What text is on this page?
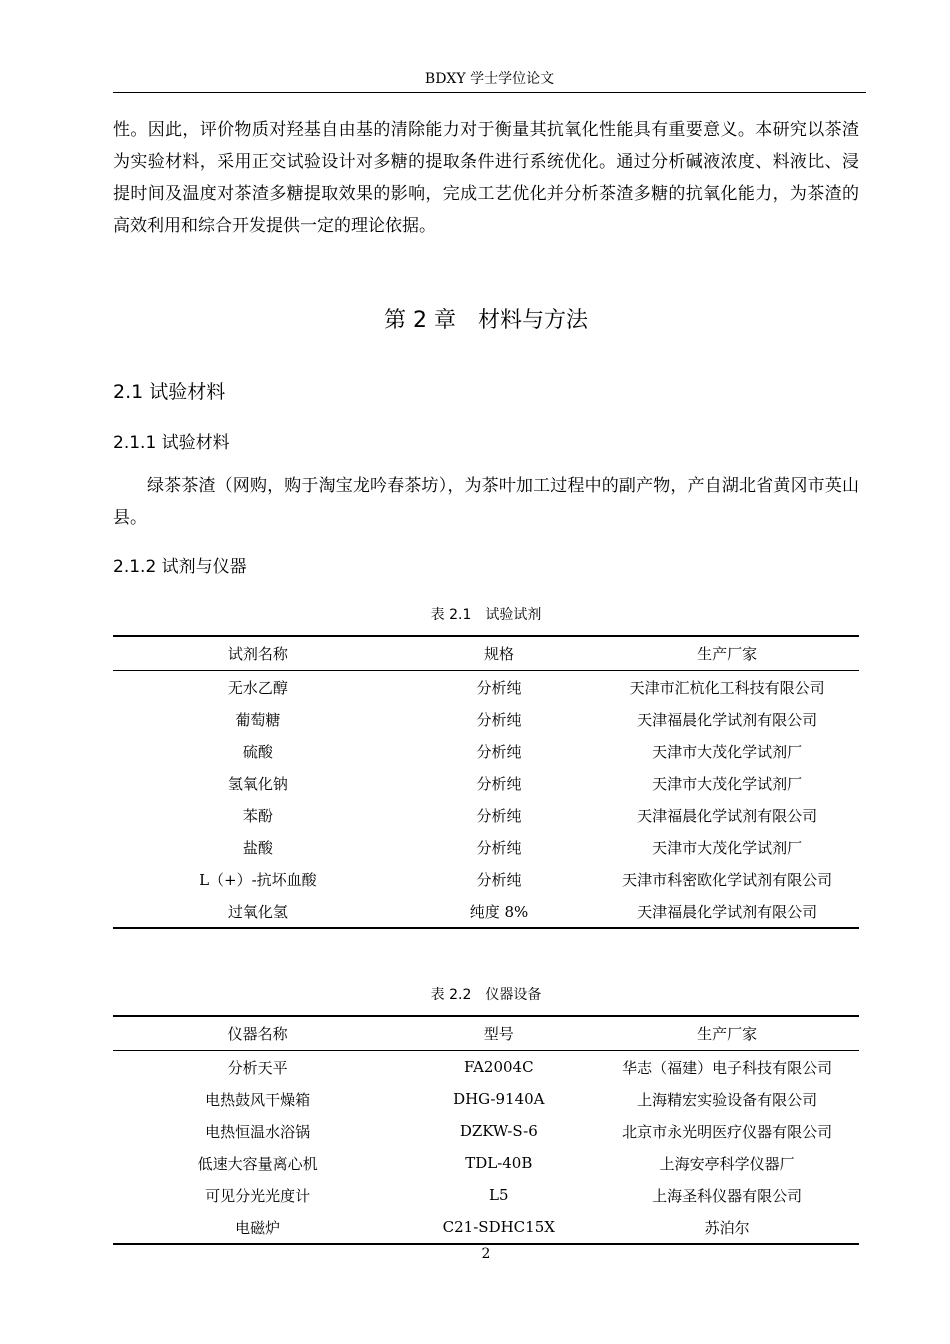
BDXY 学士学位论文
性。因此，评价物质对羟基自由基的清除能力对于衡量其抗氧化性能具有重要意义。本研究以茶渣为实验材料，采用正交试验设计对多糖的提取条件进行系统优化。通过分析碱液浓度、料液比、浸提时间及温度对茶渣多糖提取效果的影响，完成工艺优化并分析茶渣多糖的抗氧化能力，为茶渣的高效利用和综合开发提供一定的理论依据。
第 2 章　材料与方法
2.1 试验材料
2.1.1 试验材料
绿茶茶渣（网购，购于淘宝龙吟春茶坊），为茶叶加工过程中的副产物，产自湖北省黄冈市英山县。
2.1.2 试剂与仪器
表 2.1　试验试剂
试剂名称	规格	生产厂家
无水乙醇	分析纯	天津市汇杭化工科技有限公司
葡萄糖	分析纯	天津福晨化学试剂有限公司
硫酸	分析纯	天津市大茂化学试剂厂
氢氧化钠	分析纯	天津市大茂化学试剂厂
苯酚	分析纯	天津福晨化学试剂有限公司
盐酸	分析纯	天津市大茂化学试剂厂
L（+）-抗坏血酸	分析纯	天津市科密欧化学试剂有限公司
过氧化氢	纯度 8%	天津福晨化学试剂有限公司
表 2.2　仪器设备
仪器名称	型号	生产厂家
分析天平	FA2004C	华志（福建）电子科技有限公司
电热鼓风干燥箱	DHG-9140A	上海精宏实验设备有限公司
电热恒温水浴锅	DZKW-S-6	北京市永光明医疗仪器有限公司
低速大容量离心机	TDL-40B	上海安亭科学仪器厂
可见分光光度计	L5	上海圣科仪器有限公司
电磁炉	C21-SDHC15X	苏泊尔
2
